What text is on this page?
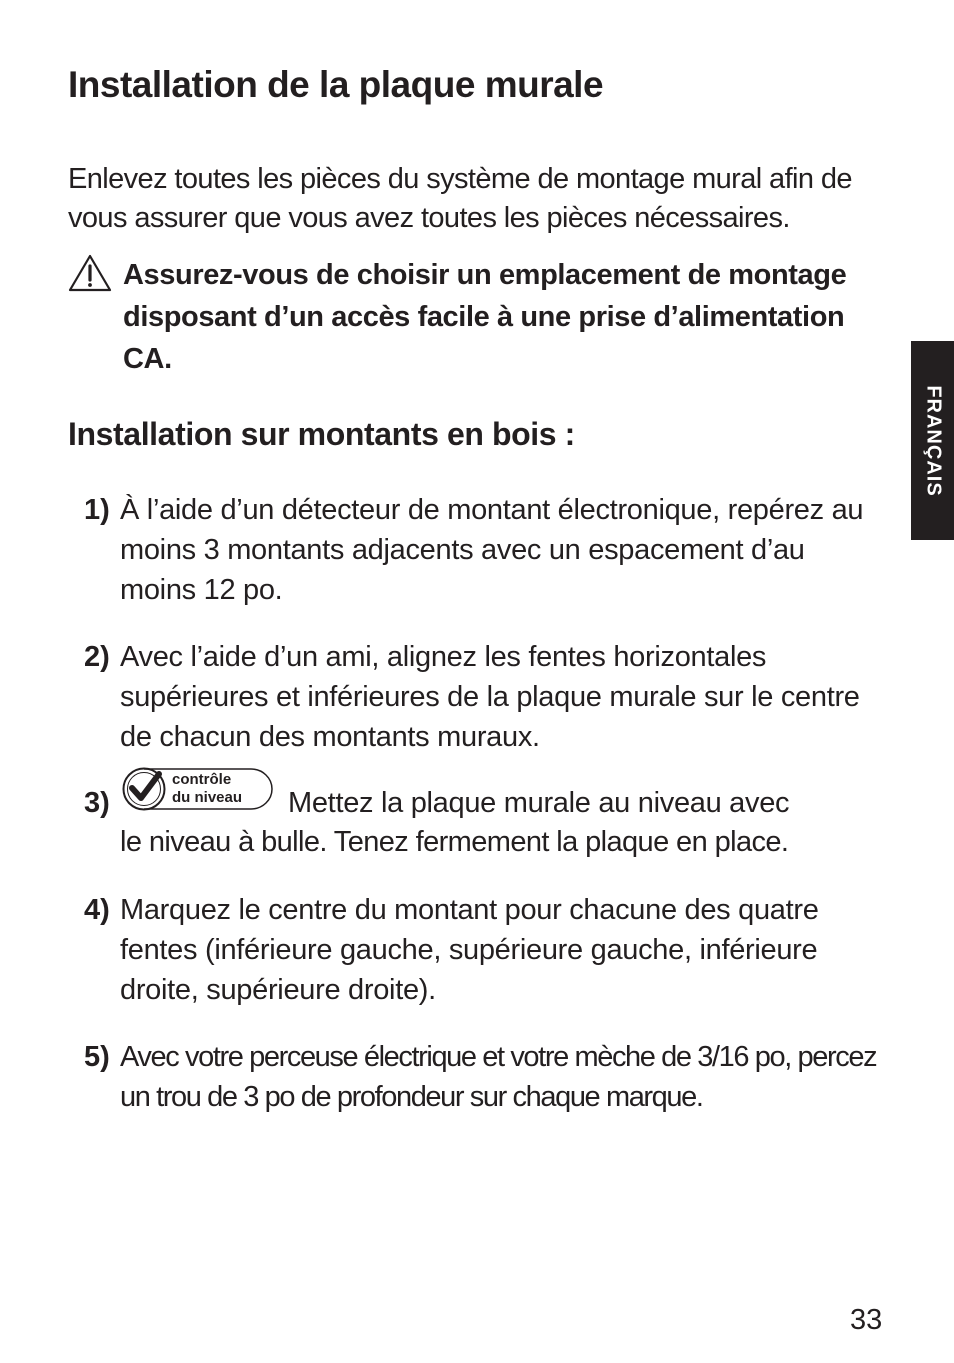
Installation de la plaque murale

Enlevez toutes les pièces du système de montage mural afin de vous assurer que vous avez toutes les pièces nécessaires.

Assurez-vous de choisir un emplacement de montage disposant d’un accès facile à une prise d’alimentation CA.

Installation sur montants en bois :
1) À l’aide d’un détecteur de montant électronique, repérez au moins 3 montants adjacents avec un espacement d’au moins 12 po.

2) Avec l’aide d’un ami, alignez les fentes horizontales supérieures et inférieures de la plaque murale sur le centre de chacun des montants muraux.

3)
contrôle
du niveau Mettez la plaque murale au niveau avec

le niveau à bulle. Tenez fermement la plaque en place.

4) Marquez le centre du montant pour chacune des quatre fentes (inférieure gauche, supérieure gauche, inférieure droite, supérieure droite).

5) Avec votre perceuse électrique et votre mèche de 3/16 po, percez un trou de 3 po de profondeur sur chaque marque.

FRANÇAIS
33
